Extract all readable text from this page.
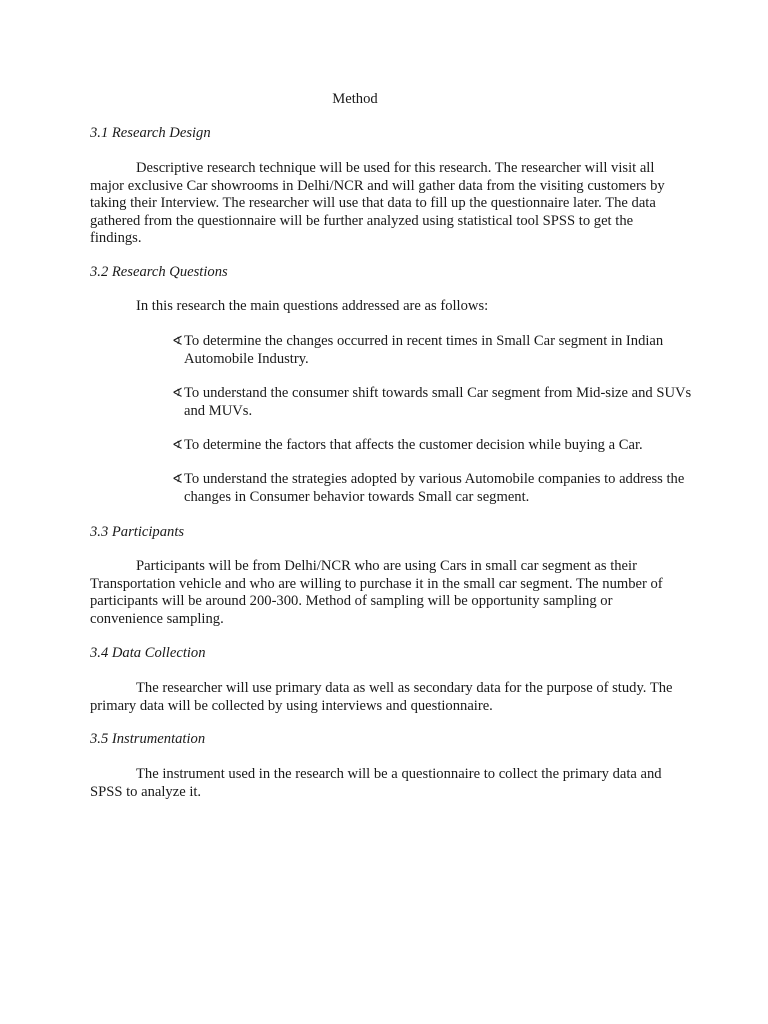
Method
3.1 Research Design
Descriptive research technique will be used for this research. The researcher will visit all major exclusive Car showrooms in Delhi/NCR and will gather data from the visiting customers by taking their Interview. The researcher will use that data to fill up the questionnaire later. The data gathered from the questionnaire will be further analyzed using statistical tool SPSS to get the findings.
3.2 Research Questions
In this research the main questions addressed are as follows:
∢ To determine the changes occurred in recent times in Small Car segment in Indian Automobile Industry.
∢ To understand the consumer shift towards small Car segment from Mid-size and SUVs and MUVs.
∢ To determine the factors that affects the customer decision while buying a Car.
∢ To understand the strategies adopted by various Automobile companies to address the changes in Consumer behavior towards Small car segment.
3.3 Participants
Participants will be from Delhi/NCR who are using Cars in small car segment as their Transportation vehicle and who are willing to purchase it in the small car segment. The number of participants will be around 200-300. Method of sampling will be opportunity sampling or convenience sampling.
3.4 Data Collection
The researcher will use primary data as well as secondary data for the purpose of study. The primary data will be collected by using interviews and questionnaire.
3.5 Instrumentation
The instrument used in the research will be a questionnaire to collect the primary data and SPSS to analyze it.
